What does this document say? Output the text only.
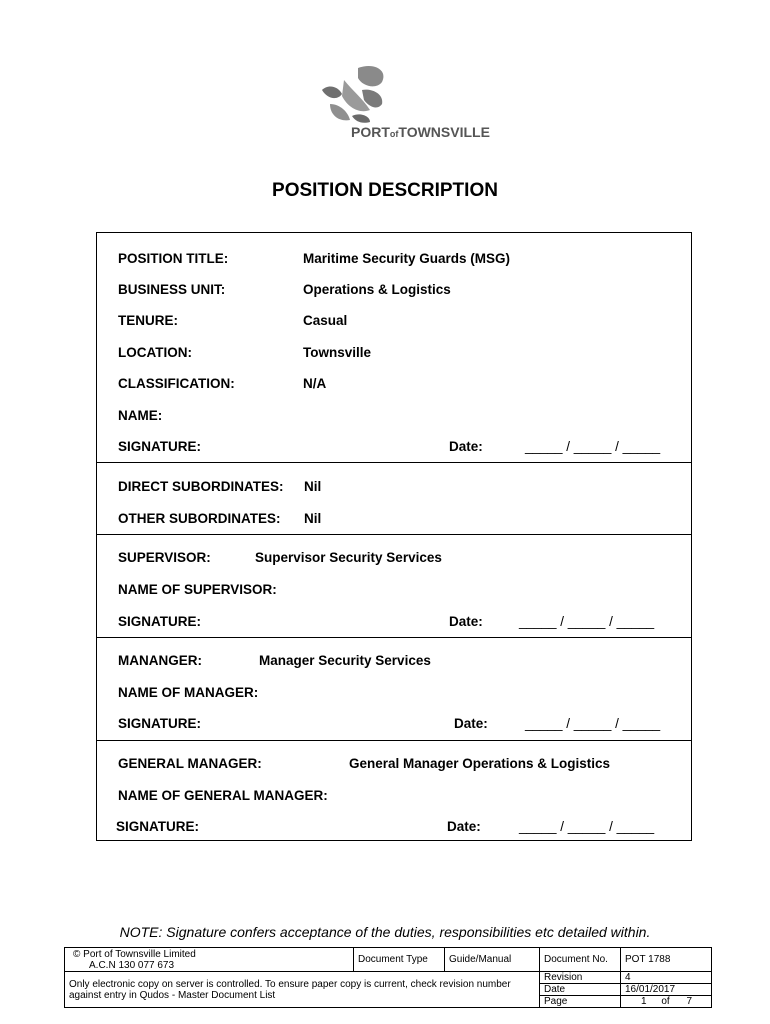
PORTofTOWNSVILLE
POSITION DESCRIPTION
POSITION TITLE:	Maritime Security Guards (MSG)
BUSINESS UNIT:	Operations & Logistics
TENURE:	Casual
LOCATION:	Townsville
CLASSIFICATION:	N/A
NAME:
SIGNATURE:	Date:	_____ / _____ / _____
DIRECT SUBORDINATES: Nil
OTHER SUBORDINATES: Nil
SUPERVISOR:	Supervisor Security Services
NAME OF SUPERVISOR:
SIGNATURE:	Date:	_____ / _____ / _____
MANANGER:	Manager Security Services
NAME OF MANAGER:
SIGNATURE:	Date:	_____ / _____ / _____
GENERAL MANAGER:	General Manager Operations & Logistics
NAME OF GENERAL MANAGER:
SIGNATURE:	Date:	_____ / _____ / _____
NOTE: Signature confers acceptance of the duties, responsibilities etc detailed within.
© Port of Townsville Limited
A.C.N 130 077 673	Document Type	Guide/Manual	Document No.	POT 1788
Only electronic copy on server is controlled. To ensure paper copy is current, check revision number against entry in Qudos - Master Document List			Revision	4
			Date	16/01/2017
			Page	1 of 7
